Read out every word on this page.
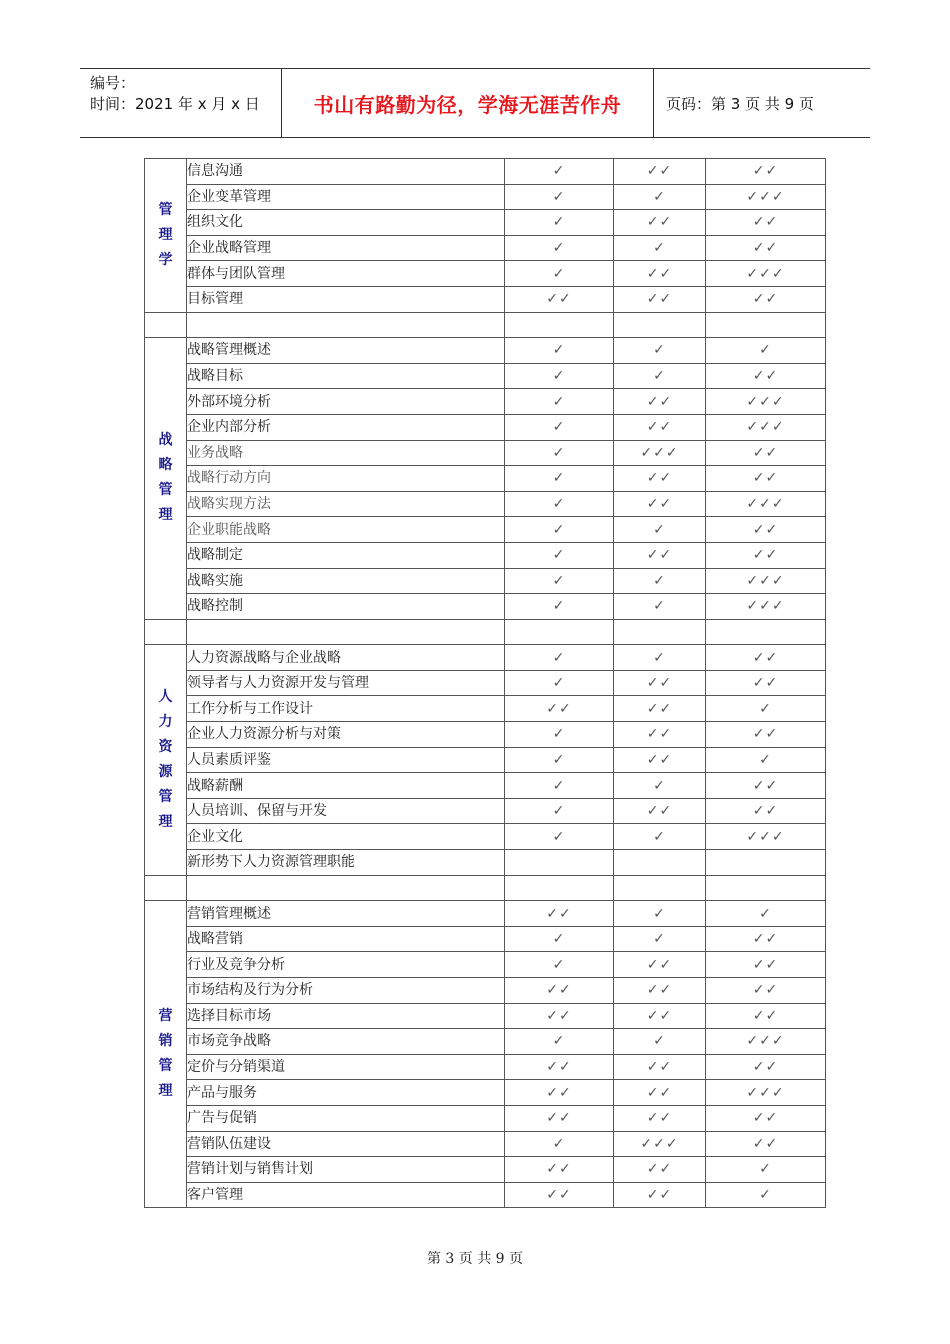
编号：
时间：2021 年 x 月 x 日	书山有路勤为径，学海无涯苦作舟	页码：第 3 页 共 9 页
管理学	信息沟通	✓	✓✓	✓✓
	企业变革管理	✓	✓	✓✓✓
	组织文化	✓	✓✓	✓✓
	企业战略管理	✓	✓	✓✓
	群体与团队管理	✓	✓✓	✓✓✓
	目标管理	✓✓	✓✓	✓✓

战略管理	战略管理概述	✓	✓	✓
	战略目标	✓	✓	✓✓
	外部环境分析	✓	✓✓	✓✓✓
	企业内部分析	✓	✓✓	✓✓✓
	业务战略	✓	✓✓✓	✓✓
	战略行动方向	✓	✓✓	✓✓
	战略实现方法	✓	✓✓	✓✓✓
	企业职能战略	✓	✓	✓✓
	战略制定	✓	✓✓	✓✓
	战略实施	✓	✓	✓✓✓
	战略控制	✓	✓	✓✓✓

人力资源管理	人力资源战略与企业战略	✓	✓	✓✓
	领导者与人力资源开发与管理	✓	✓✓	✓✓
	工作分析与工作设计	✓✓	✓✓	✓
	企业人力资源分析与对策	✓	✓✓	✓✓
	人员素质评鉴	✓	✓✓	✓
	战略薪酬	✓	✓	✓✓
	人员培训、保留与开发	✓	✓✓	✓✓
	企业文化	✓	✓	✓✓✓
	新形势下人力资源管理职能			

营销管理	营销管理概述	✓✓	✓	✓
	战略营销	✓	✓	✓✓
	行业及竞争分析	✓	✓✓	✓✓
	市场结构及行为分析	✓✓	✓✓	✓✓
	选择目标市场	✓✓	✓✓	✓✓
	市场竞争战略	✓	✓	✓✓✓
	定价与分销渠道	✓✓	✓✓	✓✓
	产品与服务	✓✓	✓✓	✓✓✓
	广告与促销	✓✓	✓✓	✓✓
	营销队伍建设	✓	✓✓✓	✓✓
	营销计划与销售计划	✓✓	✓✓	✓
	客户管理	✓✓	✓✓	✓
第 3 页 共 9 页
